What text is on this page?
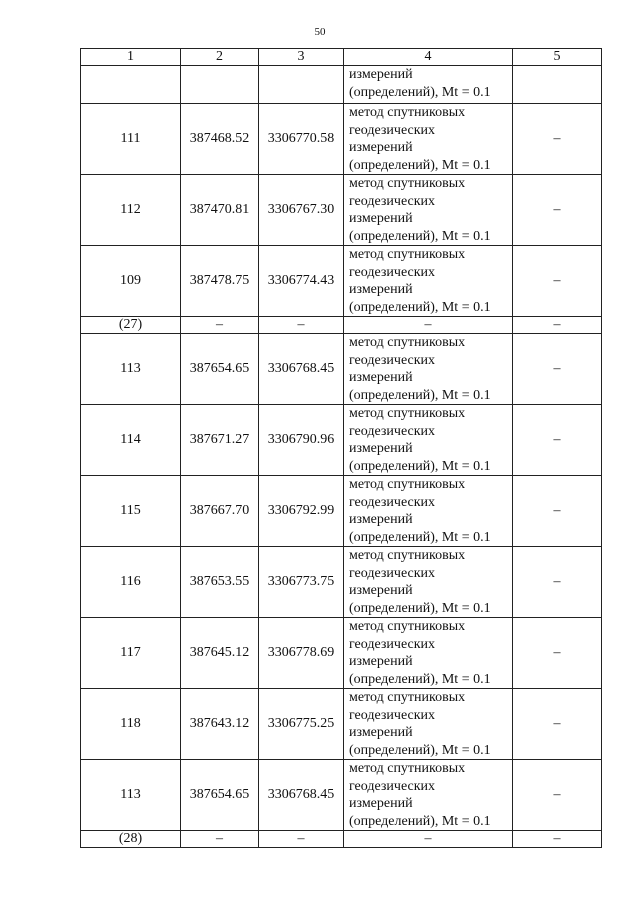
50
1	2	3	4	5

			измерений
(определений), Mt = 0.1	

111	387468.52	3306770.58	метод спутниковых
геодезических
измерений
(определений), Mt = 0.1	–
112	387470.81	3306767.30	метод спутниковых
геодезических
измерений
(определений), Mt = 0.1	–
109	387478.75	3306774.43	метод спутниковых
геодезических
измерений
(определений), Mt = 0.1	–
(27)	–	–	–	–
113	387654.65	3306768.45	метод спутниковых
геодезических
измерений
(определений), Mt = 0.1	–
114	387671.27	3306790.96	метод спутниковых
геодезических
измерений
(определений), Mt = 0.1	–
115	387667.70	3306792.99	метод спутниковых
геодезических
измерений
(определений), Mt = 0.1	–
116	387653.55	3306773.75	метод спутниковых
геодезических
измерений
(определений), Mt = 0.1	–
117	387645.12	3306778.69	метод спутниковых
геодезических
измерений
(определений), Mt = 0.1	–
118	387643.12	3306775.25	метод спутниковых
геодезических
измерений
(определений), Mt = 0.1	–
113	387654.65	3306768.45	метод спутниковых
геодезических
измерений
(определений), Mt = 0.1	–
(28)	–	–	–	–
